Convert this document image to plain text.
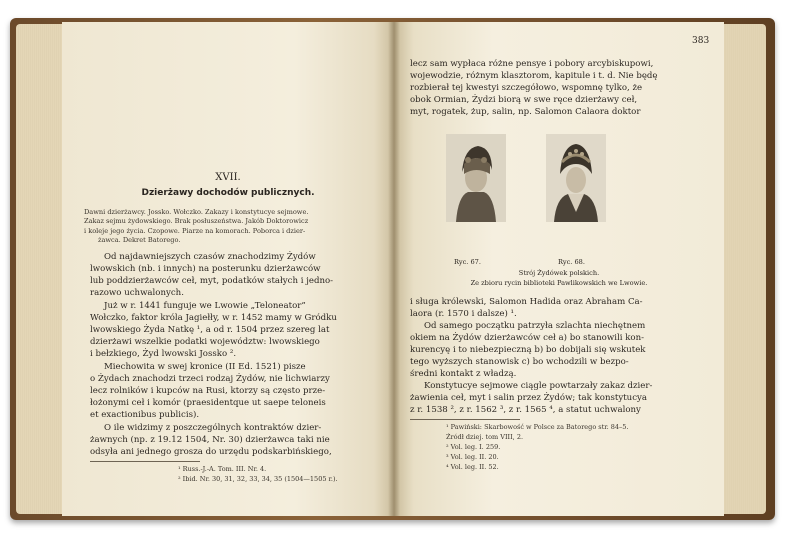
XVII.
Dzierżawy dochodów publicznych.
Dawni dzierżawcy. Jossko. Wołczko. Zakazy i konstytucye sejmowe.
Zakaz sejmu żydowskiego. Brak posłuszeństwa. Jakób Doktorowicz
i koleje jego życia. Czopowe. Piarze na komorach. Poborca i dzier-
żawca. Dekret Batorego.
Od najdawniejszych czasów znachodzimy Żydów
lwowskich (nb. i innych) na posterunku dzierżawców
lub poddzierżawców ceł, myt, podatków stałych i jedno-
razowo uchwalonych.
Już w r. 1441 funguje we Lwowie „Teloneator”
Wołczko, faktor króla Jagiełły, w r. 1452 mamy w Gródku
lwowskiego Żyda Natkę ¹, a od r. 1504 przez szereg lat
dzierżawi wszelkie podatki województw: lwowskiego
i bełzkiego, Żyd lwowski Jossko ².
Miechowita w swej kronice (II Ed. 1521) pisze
o Żydach znachodzi trzeci rodzaj Żydów, nie lichwiarzy
lecz rolników i kupców na Rusi, ktorzy są często prze-
łożonymi ceł i komór (praesidentque ut saepe teloneis
et exactionibus publicis).
O ile widzimy z poszczególnych kontraktów dzier-
żawnych (np. z 19.12 1504, Nr. 30) dzierżawca taki nie
odsyła ani jednego grosza do urzędu podskarbińskiego,
¹ Russ.-J.-A. Tom. III. Nr. 4.
² Ibid. Nr. 30, 31, 32, 33, 34, 35 (1504—1505 r.).
383
lecz sam wypłaca różne pensye i pobory arcybiskupowi,
wojewodzie, różnym klasztorom, kapitule i t. d. Nie będę
rozbierał tej kwestyi szczegółowo, wspomnę tylko, że
obok Ormian, Żydzi biorą w swe ręce dzierżawy ceł,
myt, rogatek, żup, salin, np. Salomon Calaora doktor
Ryc. 67.	Ryc. 68.
Strój Żydówek polskich.
Ze zbioru rycin biblioteki Pawlikowskich we Lwowie.
i sługa królewski, Salomon Hadida oraz Abraham Ca-
laora (r. 1570 i dalsze) ¹.
Od samego początku patrzyła szlachta niechętnem
okiem na Żydów dzierżawców ceł a) bo stanowili kon-
kurencyę i to niebezpieczną b) bo dobijali się wskutek
tego wyższych stanowisk c) bo wchodzili w bezpo-
średni kontakt z władzą.
Konstytucye sejmowe ciągle powtarzały zakaz dzier-
żawienia ceł, myt i salin przez Żydów; tak konstytucya
z r. 1538 ², z r. 1562 ³, z r. 1565 ⁴, a statut uchwalony
¹ Pawiński: Skarbowość w Polsce za Batorego str. 84–5.
Źródł dziej. tom VIII, 2.
² Vol. leg. I. 259.
³ Vol. leg. II. 20.
⁴ Vol. leg. II. 52.
